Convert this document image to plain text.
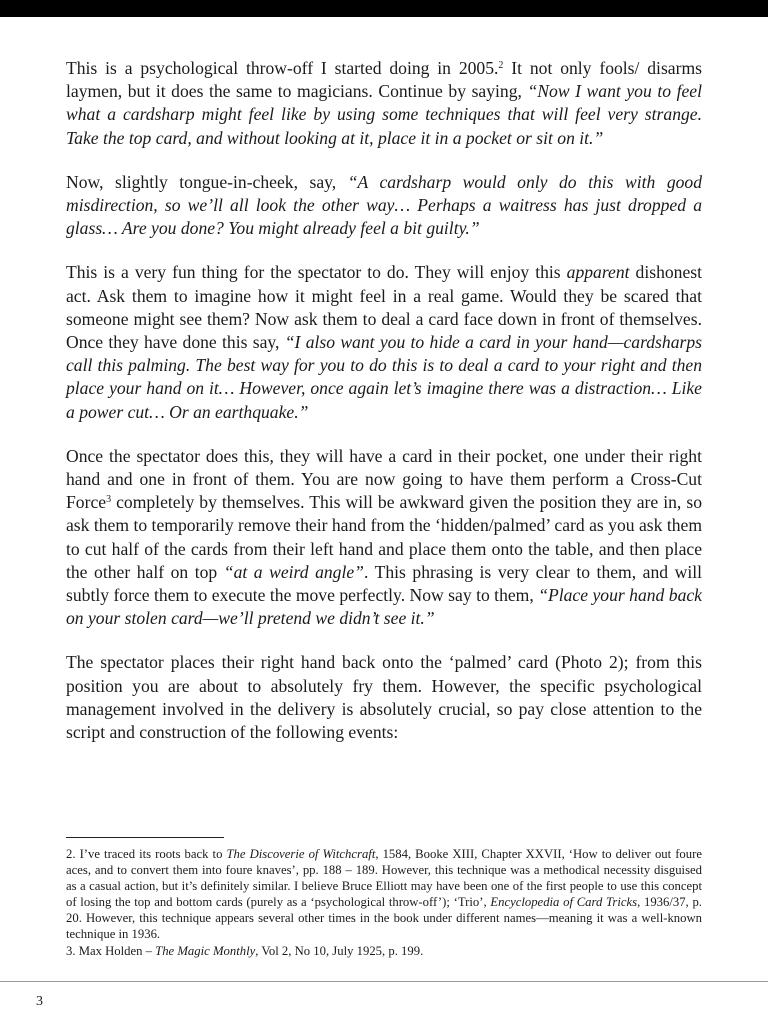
This is a psychological throw-off I started doing in 2005.$^2$ It not only fools/ disarms laymen, but it does the same to magicians. Continue by saying, “Now I want you to feel what a cardsharp might feel like by using some techniques that will feel very strange. Take the top card, and without looking at it, place it in a pocket or sit on it.”

Now, slightly tongue-in-cheek, say, “A cardsharp would only do this with good misdirection, so we’ll all look the other way… Perhaps a waitress has just dropped a glass… Are you done? You might already feel a bit guilty.”

This is a very fun thing for the spectator to do. They will enjoy this apparent dishonest act. Ask them to imagine how it might feel in a real game. Would they be scared that someone might see them? Now ask them to deal a card face down in front of themselves. Once they have done this say, “I also want you to hide a card in your hand—cardsharps call this palming. The best way for you to do this is to deal a card to your right and then place your hand on it… However, once again let’s imagine there was a distraction… Like a power cut… Or an earthquake.”

Once the spectator does this, they will have a card in their pocket, one under their right hand and one in front of them. You are now going to have them perform a Cross-Cut Force$^3$ completely by themselves. This will be awkward given the position they are in, so ask them to temporarily remove their hand from the ‘hidden/palmed’ card as you ask them to cut half of the cards from their left hand and place them onto the table, and then place the other half on top “at a weird angle”. This phrasing is very clear to them, and will subtly force them to execute the move perfectly. Now say to them, “Place your hand back on your stolen card—we’ll pretend we didn’t see it.”

The spectator places their right hand back onto the ‘palmed’ card (Photo 2); from this position you are about to absolutely fry them. However, the specific psychological management involved in the delivery is absolutely crucial, so pay close attention to the script and construction of the following events:

2. I’ve traced its roots back to The Discoverie of Witchcraft, 1584, Booke XIII, Chapter XXVII, ‘How to deliver out foure aces, and to convert them into foure knaves’, pp. 188 – 189. However, this technique was a methodical necessity disguised as a casual action, but it’s definitely similar. I believe Bruce Elliott may have been one of the first people to use this concept of losing the top and bottom cards (purely as a ‘psychological throw-off’); ‘Trio’, Encyclopedia of Card Tricks, 1936/37, p. 20. However, this technique appears several other times in the book under different names—meaning it was a well-known technique in 1936.

3. Max Holden – The Magic Monthly, Vol 2, No 10, July 1925, p. 199.

3
